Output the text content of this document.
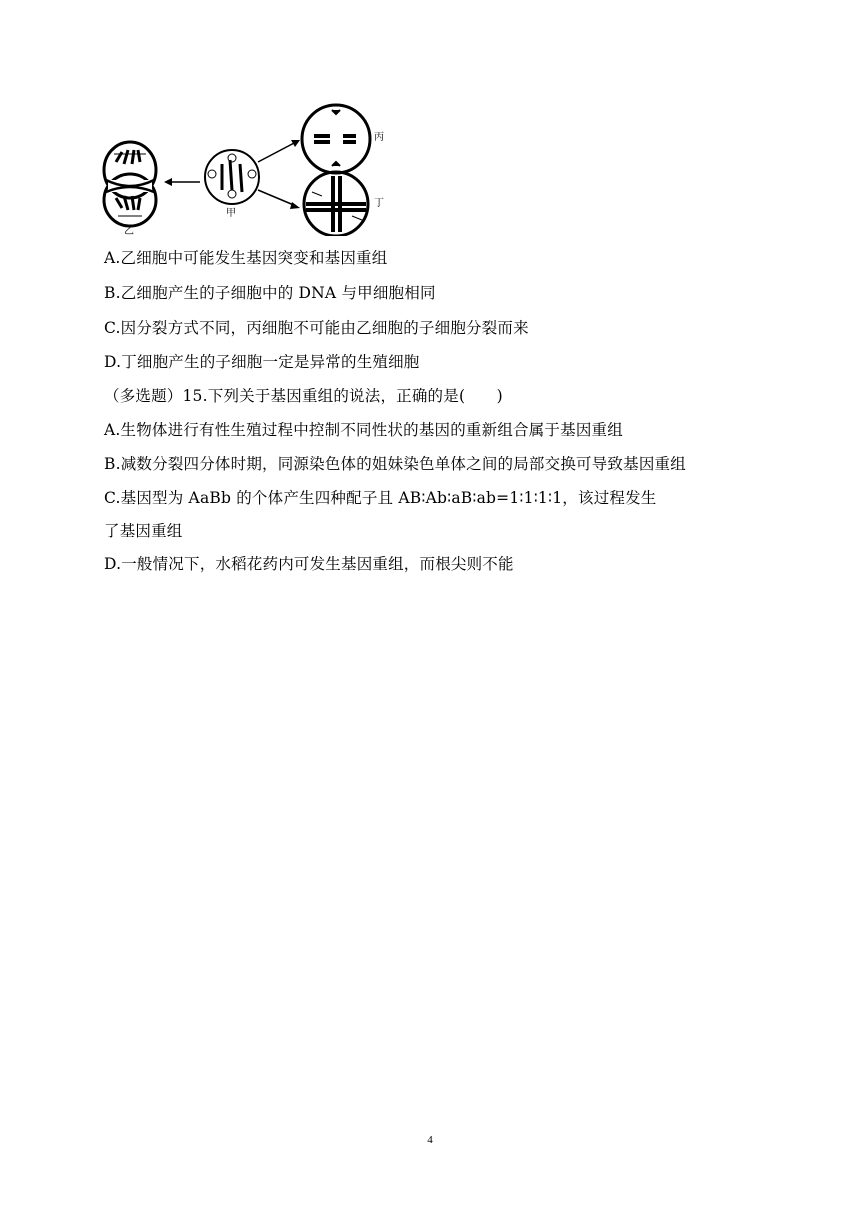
乙
甲
丙
丁
A.乙细胞中可能发生基因突变和基因重组
B.乙细胞产生的子细胞中的 DNA 与甲细胞相同
C.因分裂方式不同，丙细胞不可能由乙细胞的子细胞分裂而来
D.丁细胞产生的子细胞一定是异常的生殖细胞
（多选题）15.下列关于基因重组的说法，正确的是(　　)
A.生物体进行有性生殖过程中控制不同性状的基因的重新组合属于基因重组
B.减数分裂四分体时期，同源染色体的姐妹染色单体之间的局部交换可导致基因重组
C.基因型为 AaBb 的个体产生四种配子且 AB∶Ab∶aB∶ab=1∶1∶1∶1，该过程发生
了基因重组
D.一般情况下，水稻花药内可发生基因重组，而根尖则不能
4
